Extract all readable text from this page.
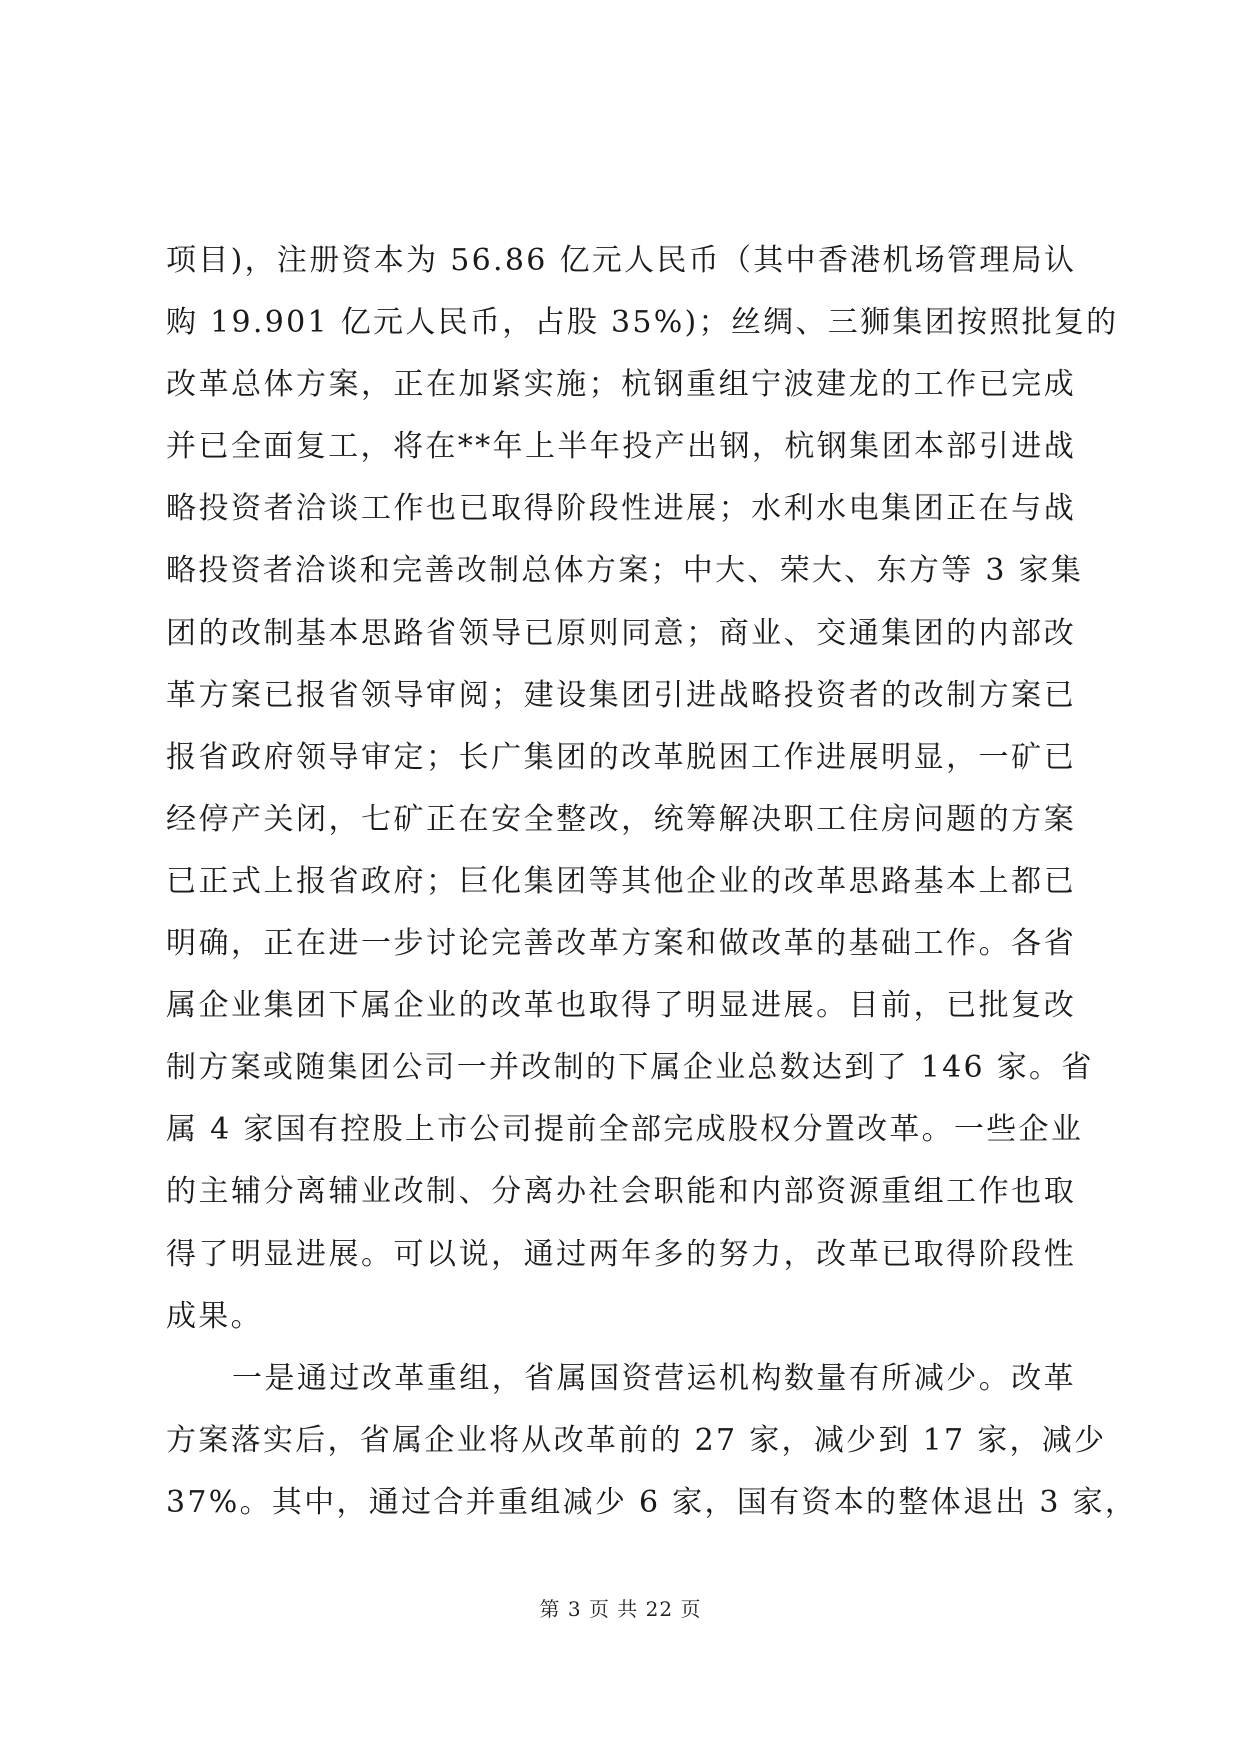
项目)，注册资本为 56.86 亿元人民币（其中香港机场管理局认
购 19.901 亿元人民币，占股 35%)；丝绸、三狮集团按照批复的
改革总体方案，正在加紧实施；杭钢重组宁波建龙的工作已完成
并已全面复工，将在**年上半年投产出钢，杭钢集团本部引进战
略投资者洽谈工作也已取得阶段性进展；水利水电集团正在与战
略投资者洽谈和完善改制总体方案；中大、荣大、东方等 3 家集
团的改制基本思路省领导已原则同意；商业、交通集团的内部改
革方案已报省领导审阅；建设集团引进战略投资者的改制方案已
报省政府领导审定；长广集团的改革脱困工作进展明显，一矿已
经停产关闭，七矿正在安全整改，统筹解决职工住房问题的方案
已正式上报省政府；巨化集团等其他企业的改革思路基本上都已
明确，正在进一步讨论完善改革方案和做改革的基础工作。各省
属企业集团下属企业的改革也取得了明显进展。目前，已批复改
制方案或随集团公司一并改制的下属企业总数达到了 146 家。省
属 4 家国有控股上市公司提前全部完成股权分置改革。一些企业
的主辅分离辅业改制、分离办社会职能和内部资源重组工作也取
得了明显进展。可以说，通过两年多的努力，改革已取得阶段性
成果。
一是通过改革重组，省属国资营运机构数量有所减少。改革
方案落实后，省属企业将从改革前的 27 家，减少到 17 家，减少
37%。其中，通过合并重组减少 6 家，国有资本的整体退出 3 家，
第 3 页 共 22 页
